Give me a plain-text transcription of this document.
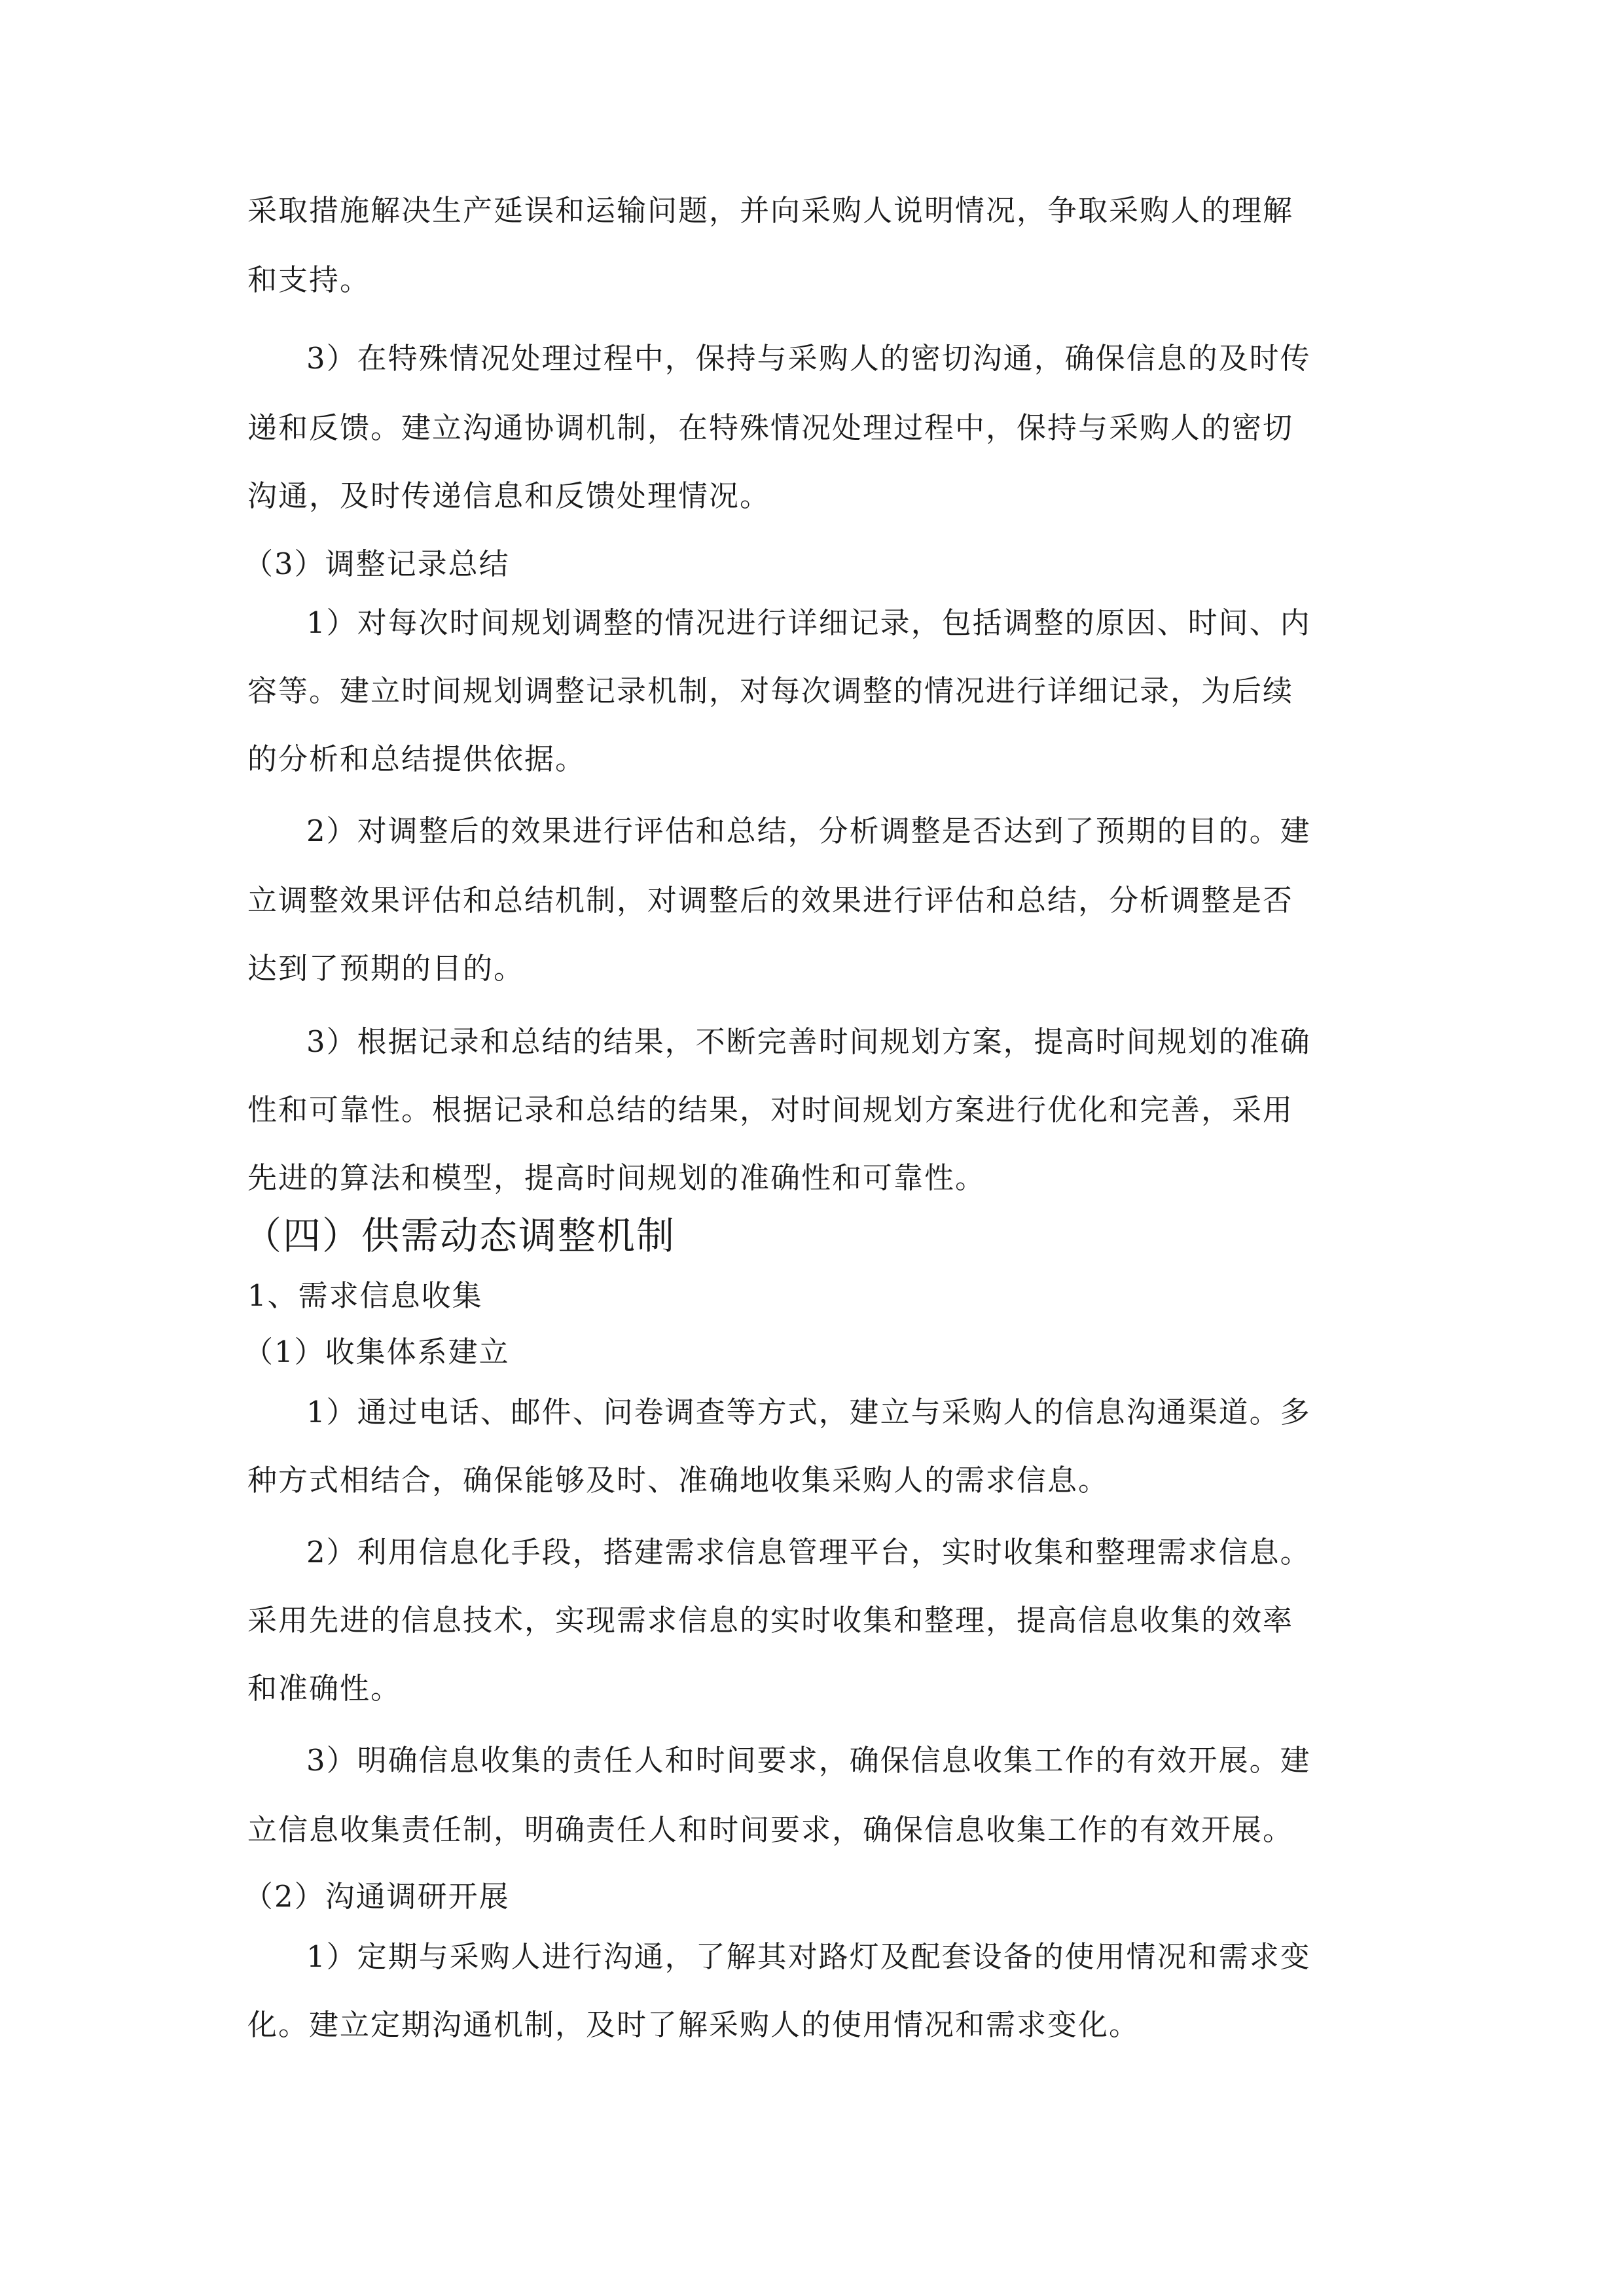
采取措施解决生产延误和运输问题，并向采购人说明情况，争取采购人的理解
和支持。
3）在特殊情况处理过程中，保持与采购人的密切沟通，确保信息的及时传
递和反馈。建立沟通协调机制，在特殊情况处理过程中，保持与采购人的密切
沟通，及时传递信息和反馈处理情况。
（3）调整记录总结
1）对每次时间规划调整的情况进行详细记录，包括调整的原因、时间、内
容等。建立时间规划调整记录机制，对每次调整的情况进行详细记录，为后续
的分析和总结提供依据。
2）对调整后的效果进行评估和总结，分析调整是否达到了预期的目的。建
立调整效果评估和总结机制，对调整后的效果进行评估和总结，分析调整是否
达到了预期的目的。
3）根据记录和总结的结果，不断完善时间规划方案，提高时间规划的准确
性和可靠性。根据记录和总结的结果，对时间规划方案进行优化和完善，采用
先进的算法和模型，提高时间规划的准确性和可靠性。
（四）供需动态调整机制
1、需求信息收集
（1）收集体系建立
1）通过电话、邮件、问卷调查等方式，建立与采购人的信息沟通渠道。多
种方式相结合，确保能够及时、准确地收集采购人的需求信息。
2）利用信息化手段，搭建需求信息管理平台，实时收集和整理需求信息。
采用先进的信息技术，实现需求信息的实时收集和整理，提高信息收集的效率
和准确性。
3）明确信息收集的责任人和时间要求，确保信息收集工作的有效开展。建
立信息收集责任制，明确责任人和时间要求，确保信息收集工作的有效开展。
（2）沟通调研开展
1）定期与采购人进行沟通，了解其对路灯及配套设备的使用情况和需求变
化。建立定期沟通机制，及时了解采购人的使用情况和需求变化。
